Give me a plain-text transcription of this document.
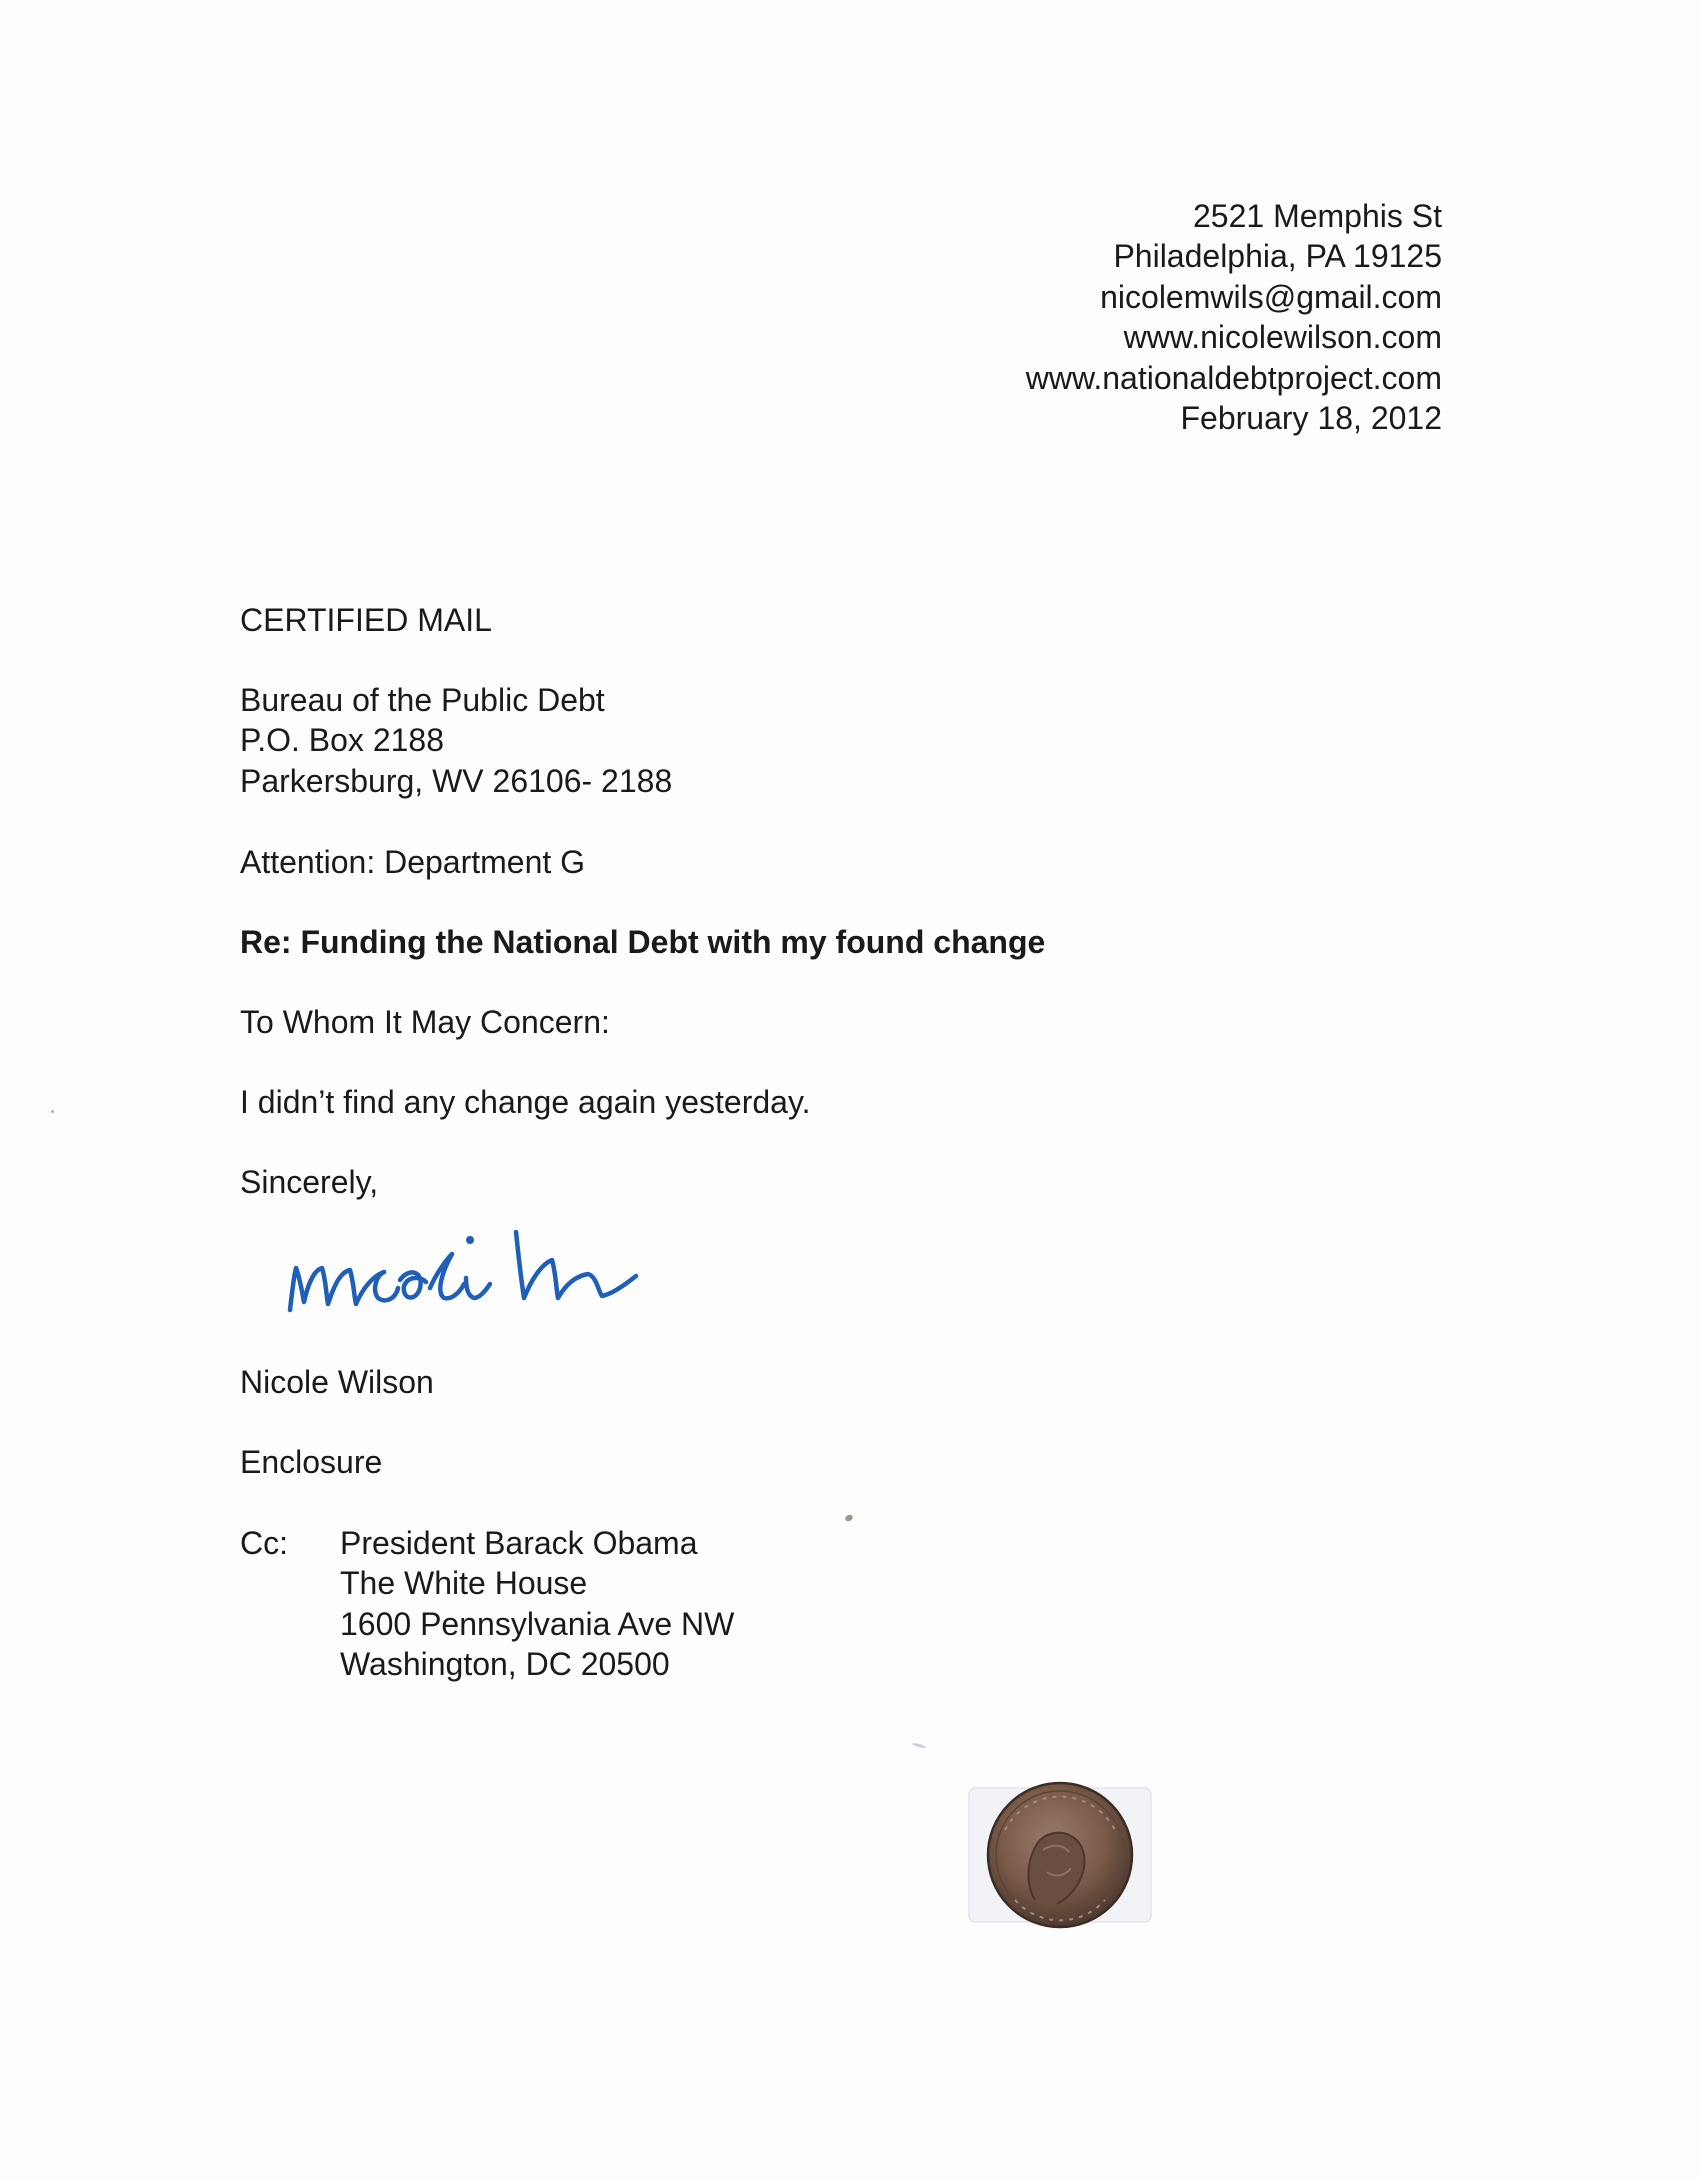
2521 Memphis St
Philadelphia, PA 19125
nicolemwils@gmail.com
www.nicolewilson.com
www.nationaldebtproject.com
February 18, 2012
CERTIFIED MAIL
Bureau of the Public Debt
P.O. Box 2188
Parkersburg, WV 26106- 2188
Attention: Department G
Re: Funding the National Debt with my found change
To Whom It May Concern:
I didn’t find any change again yesterday.
Sincerely,
Nicole Wilson
Enclosure
Cc: President Barack Obama
The White House
1600 Pennsylvania Ave NW
Washington, DC 20500
